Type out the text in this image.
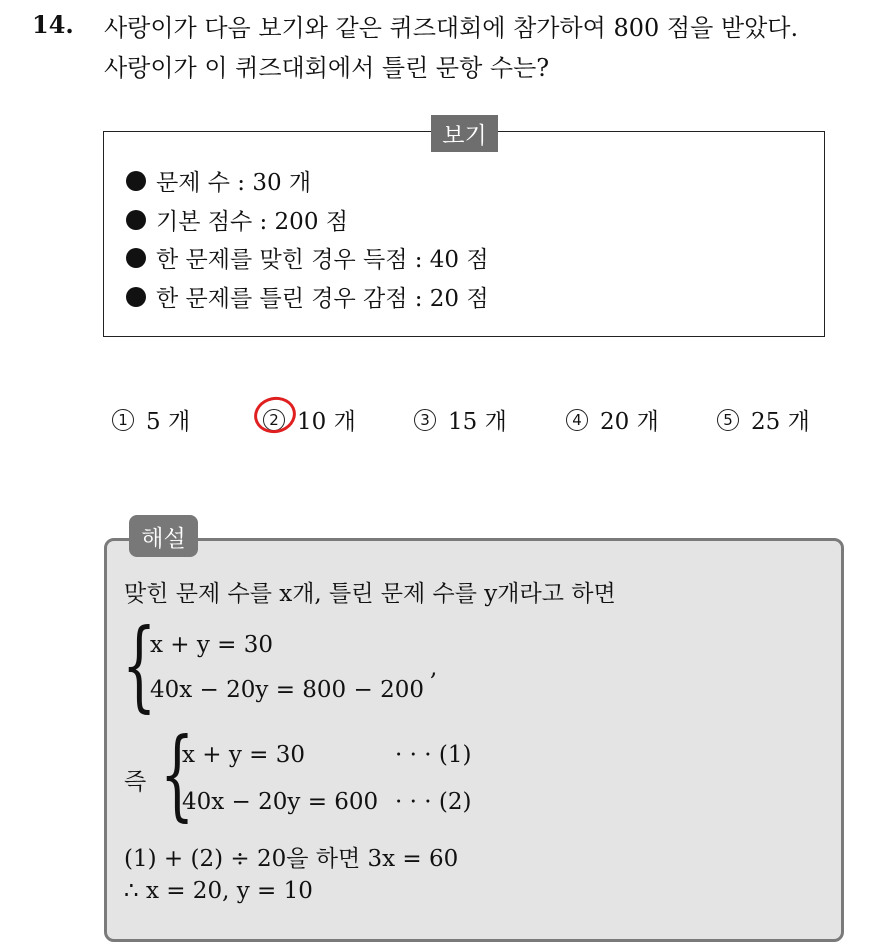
14. 사랑이가 다음 보기와 같은 퀴즈대회에 참가하여 800 점을 받았다.
사랑이가 이 퀴즈대회에서 틀린 문항 수는?
보기
문제 수 : 30 개
기본 점수 : 200 점
한 문제를 맞힌 경우 득점 : 40 점
한 문제를 틀린 경우 감점 : 20 점
1 5 개	2 10 개	3 15 개	4 20 개	5 25 개
해설
맞힌 문제 수를 x개, 틀린 문제 수를 y개라고 하면
{
x + y = 30
40x − 20y = 800 − 200
,
즉 {
x + y = 30
40x − 20y = 600
· · · (1)
· · · (2)
(1) + (2) ÷ 20을 하면 3x = 60
∴ x = 20, y = 10
